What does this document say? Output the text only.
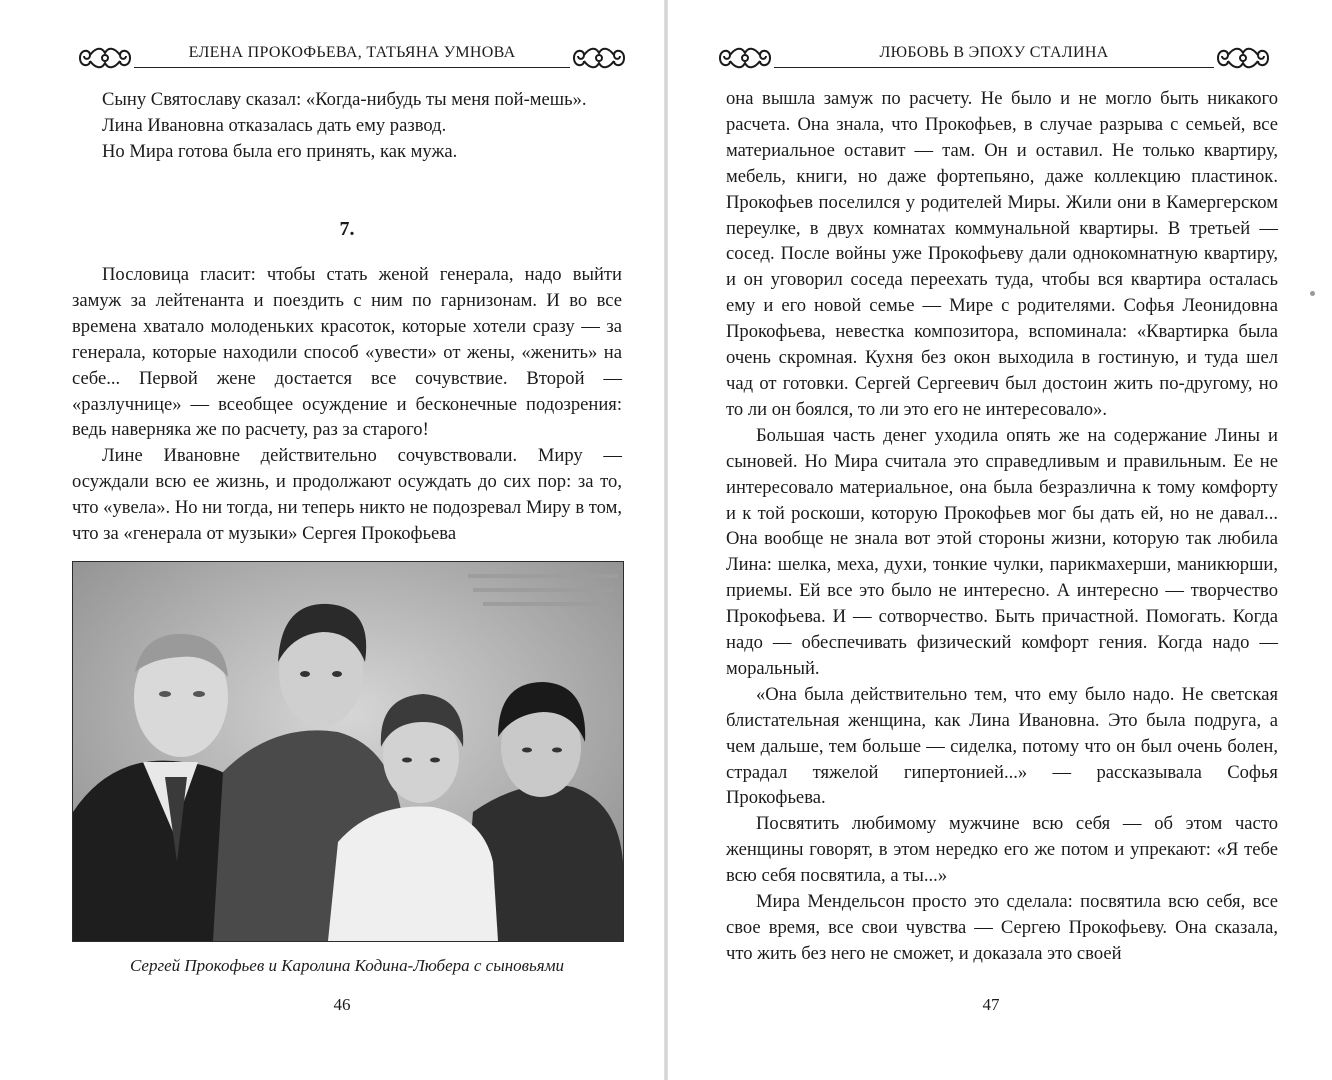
ЕЛЕНА ПРОКОФЬЕВА, ТАТЬЯНА УМНОВА

Сыну Святославу сказал: «Когда-нибудь ты меня пой-мешь».

Лина Ивановна отказалась дать ему развод.

Но Мира готова была его принять, как мужа.

7.

Пословица гласит: чтобы стать женой генерала, надо выйти замуж за лейтенанта и поездить с ним по гарнизонам. И во все времена хватало молоденьких красоток, которые хотели сразу — за генерала, которые находили способ «увести» от жены, «женить» на себе... Первой жене достается все сочувствие. Второй — «разлучнице» — всеобщее осуждение и бесконечные подозрения: ведь наверняка же по расчету, раз за старого!

Лине Ивановне действительно сочувствовали. Миру — осуждали всю ее жизнь, и продолжают осуждать до сих пор: за то, что «увела». Но ни тогда, ни теперь никто не подозревал Миру в том, что за «генерала от музыки» Сергея Прокофьева

Сергей Прокофьев и Каролина Кодина-Любера с сыновьями
46
ЛЮБОВЬ В ЭПОХУ СТАЛИНА

она вышла замуж по расчету. Не было и не могло быть никакого расчета. Она знала, что Прокофьев, в случае разрыва с семьей, все материальное оставит — там. Он и оставил. Не только квартиру, мебель, книги, но даже фортепьяно, даже коллекцию пластинок. Прокофьев поселился у родителей Миры. Жили они в Камергерском переулке, в двух комнатах коммунальной квартиры. В третьей — сосед. После войны уже Прокофьеву дали однокомнатную квартиру, и он уговорил соседа переехать туда, чтобы вся квартира осталась ему и его новой семье — Мире с родителями. Софья Леонидовна Прокофьева, невестка композитора, вспоминала: «Квартирка была очень скромная. Кухня без окон выходила в гостиную, и туда шел чад от готовки. Сергей Сергеевич был достоин жить по-другому, но то ли он боялся, то ли это его не интересовало».

Большая часть денег уходила опять же на содержание Лины и сыновей. Но Мира считала это справедливым и правильным. Ее не интересовало материальное, она была безразлична к тому комфорту и к той роскоши, которую Прокофьев мог бы дать ей, но не давал... Она вообще не знала вот этой стороны жизни, которую так любила Лина: шелка, меха, духи, тонкие чулки, парикмахерши, маникюрши, приемы. Ей все это было не интересно. А интересно — творчество Прокофьева. И — сотворчество. Быть причастной. Помогать. Когда надо — обеспечивать физический комфорт гения. Когда надо — моральный.

«Она была действительно тем, что ему было надо. Не светская блистательная женщина, как Лина Ивановна. Это была подруга, а чем дальше, тем больше — сиделка, потому что он был очень болен, страдал тяжелой гипертонией...» — рассказывала Софья Прокофьева.

Посвятить любимому мужчине всю себя — об этом часто женщины говорят, в этом нередко его же потом и упрекают: «Я тебе всю себя посвятила, а ты...»

Мира Мендельсон просто это сделала: посвятила всю себя, все свое время, все свои чувства — Сергею Прокофьеву. Она сказала, что жить без него не сможет, и доказала это своей

47
